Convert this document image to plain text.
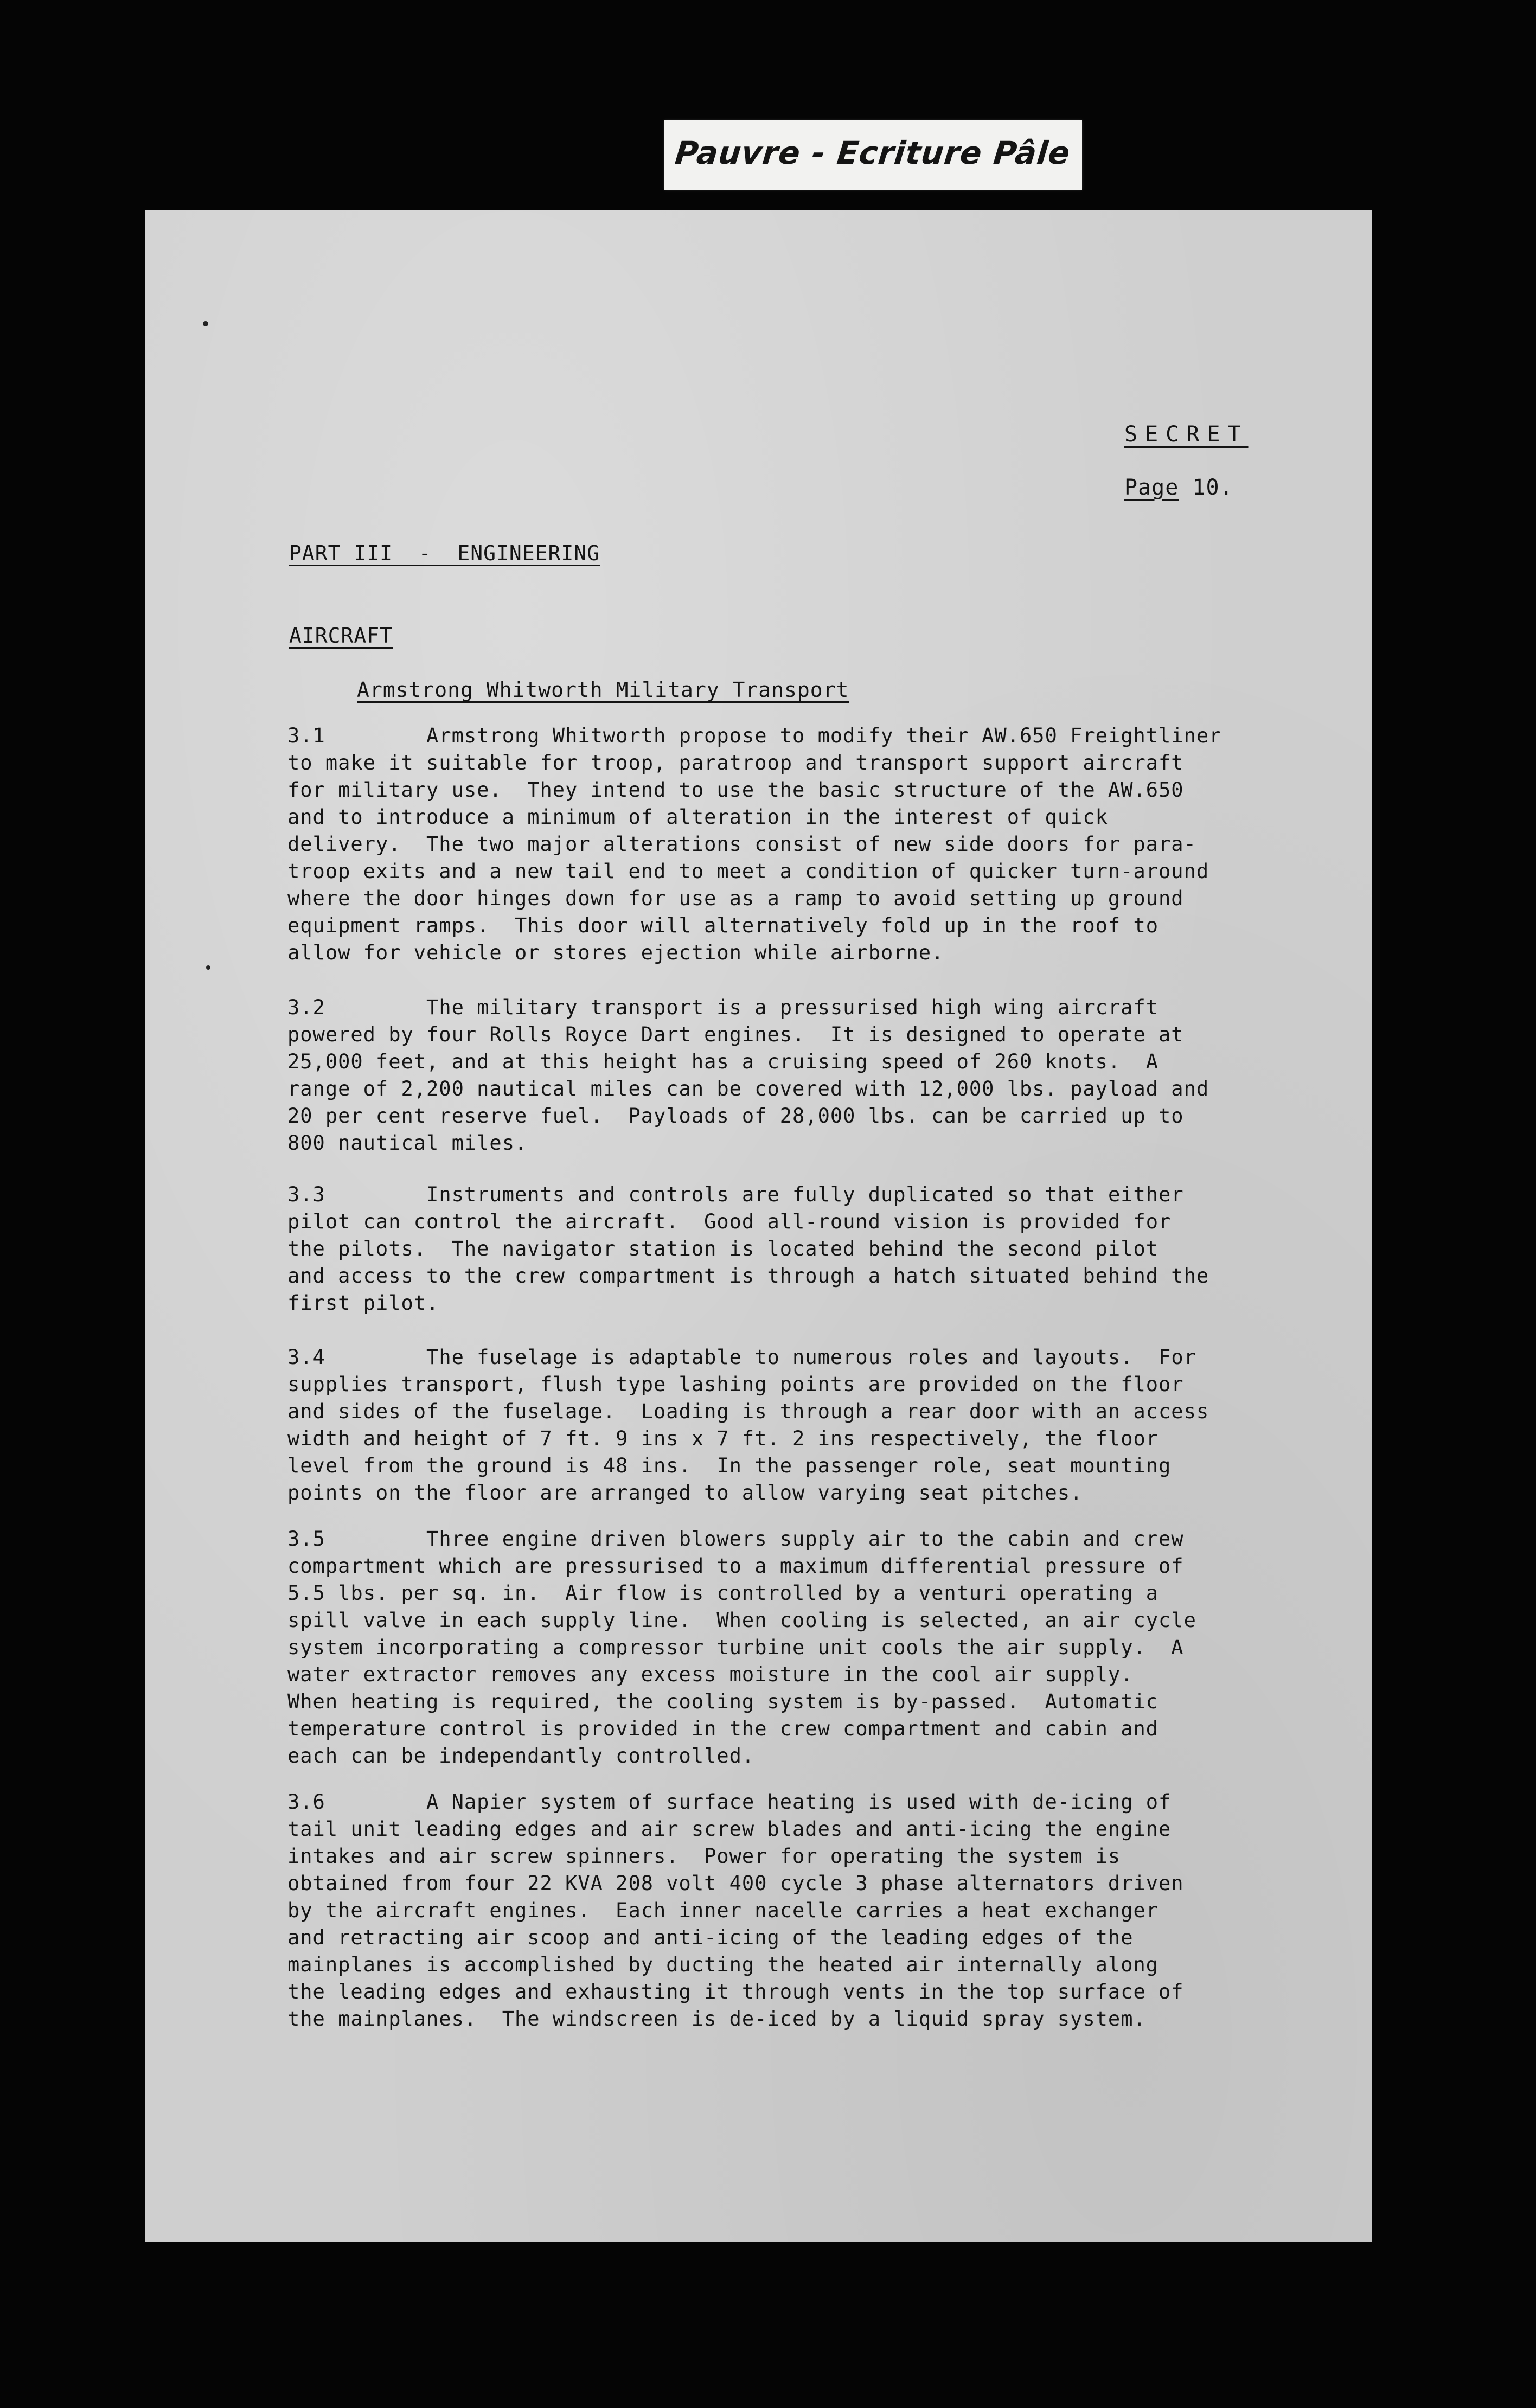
Pauvre - Ecriture Pâle
SECRET
Page 10.
PART III  -  ENGINEERING
AIRCRAFT
Armstrong Whitworth Military Transport
3.1	Armstrong Whitworth propose to modify their AW.650 Freightliner
to make it suitable for troop, paratroop and transport support aircraft
for military use.  They intend to use the basic structure of the AW.650
and to introduce a minimum of alteration in the interest of quick
delivery.  The two major alterations consist of new side doors for para-
troop exits and a new tail end to meet a condition of quicker turn-around
where the door hinges down for use as a ramp to avoid setting up ground
equipment ramps.  This door will alternatively fold up in the roof to
allow for vehicle or stores ejection while airborne.
3.2	The military transport is a pressurised high wing aircraft
powered by four Rolls Royce Dart engines.  It is designed to operate at
25,000 feet, and at this height has a cruising speed of 260 knots.  A
range of 2,200 nautical miles can be covered with 12,000 lbs. payload and
20 per cent reserve fuel.  Payloads of 28,000 lbs. can be carried up to
800 nautical miles.
3.3	Instruments and controls are fully duplicated so that either
pilot can control the aircraft.  Good all-round vision is provided for
the pilots.  The navigator station is located behind the second pilot
and access to the crew compartment is through a hatch situated behind the
first pilot.
3.4	The fuselage is adaptable to numerous roles and layouts.  For
supplies transport, flush type lashing points are provided on the floor
and sides of the fuselage.  Loading is through a rear door with an access
width and height of 7 ft. 9 ins x 7 ft. 2 ins respectively, the floor
level from the ground is 48 ins.  In the passenger role, seat mounting
points on the floor are arranged to allow varying seat pitches.
3.5	Three engine driven blowers supply air to the cabin and crew
compartment which are pressurised to a maximum differential pressure of
5.5 lbs. per sq. in.  Air flow is controlled by a venturi operating a
spill valve in each supply line.  When cooling is selected, an air cycle
system incorporating a compressor turbine unit cools the air supply.  A
water extractor removes any excess moisture in the cool air supply.
When heating is required, the cooling system is by-passed.  Automatic
temperature control is provided in the crew compartment and cabin and
each can be independantly controlled.
3.6	A Napier system of surface heating is used with de-icing of
tail unit leading edges and air screw blades and anti-icing the engine
intakes and air screw spinners.  Power for operating the system is
obtained from four 22 KVA 208 volt 400 cycle 3 phase alternators driven
by the aircraft engines.  Each inner nacelle carries a heat exchanger
and retracting air scoop and anti-icing of the leading edges of the
mainplanes is accomplished by ducting the heated air internally along
the leading edges and exhausting it through vents in the top surface of
the mainplanes.  The windscreen is de-iced by a liquid spray system.
